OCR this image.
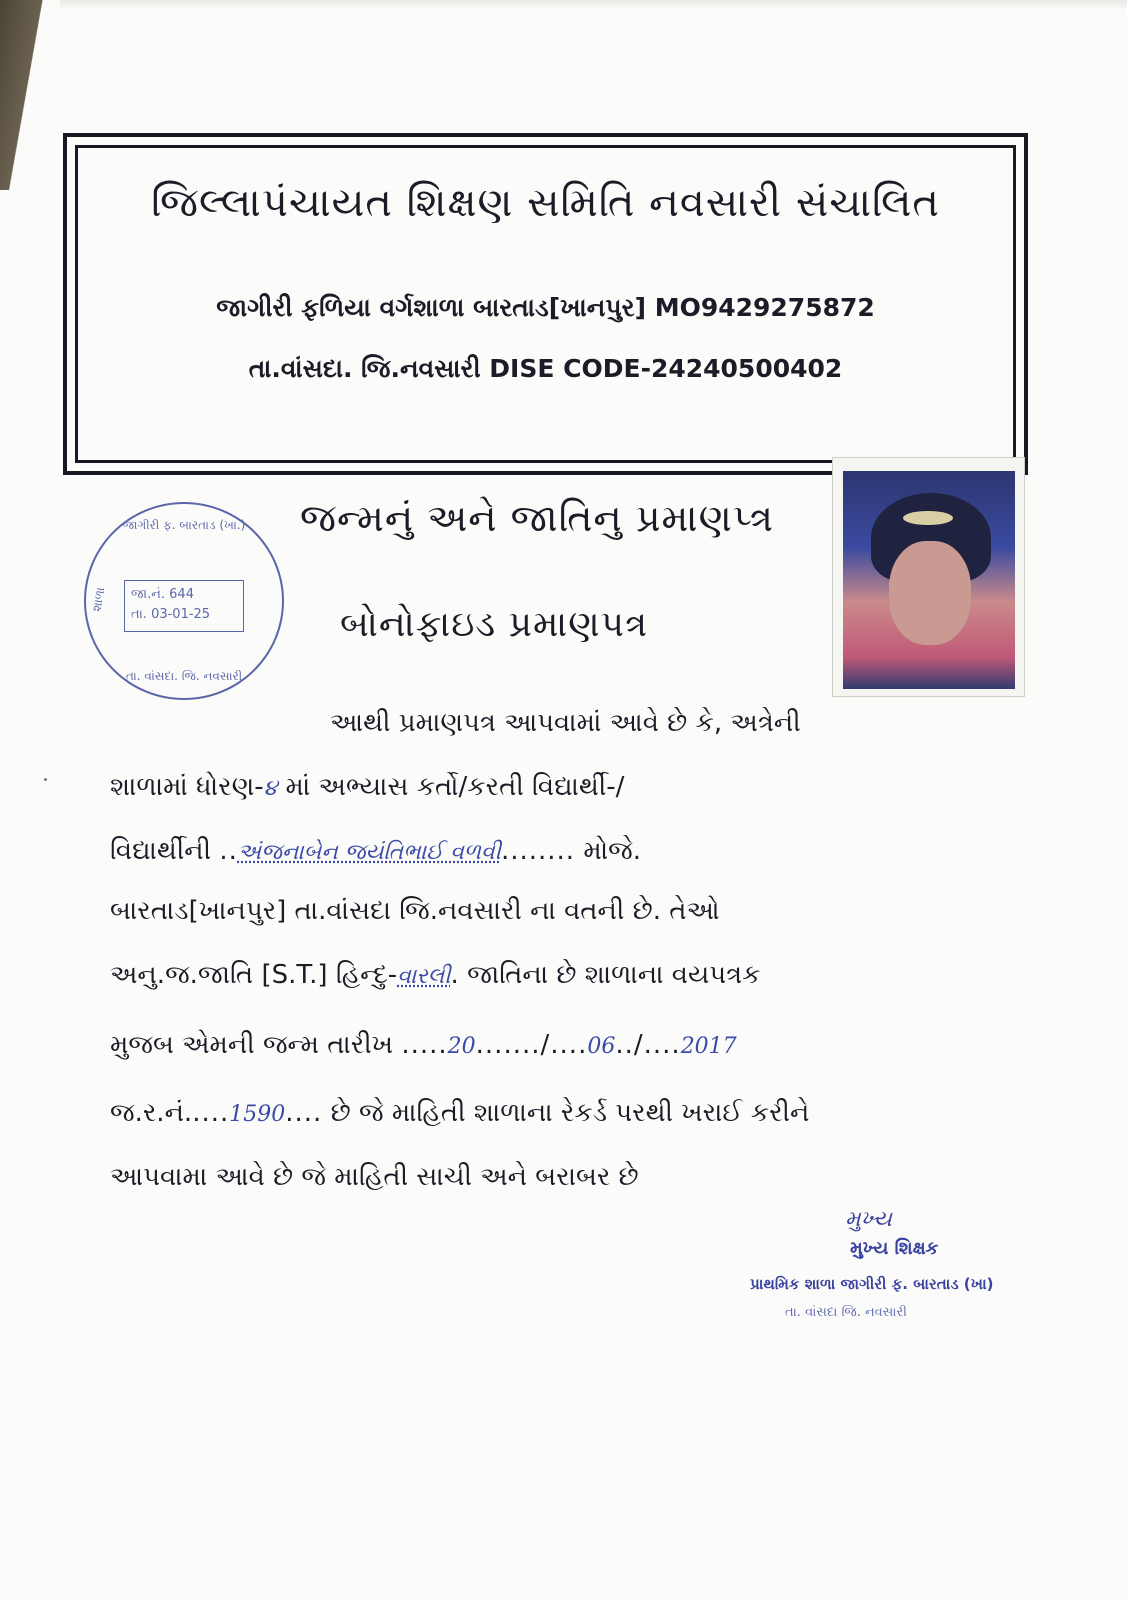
જિલ્લાપંચાયત શિક્ષણ સમિતિ નવસારી સંચાલિત
જાગીરી ફળિયા વર્ગશાળા બારતાડ[ખાનપુર] MO9429275872
તા.વાંસદા. જિ.નવસારી DISE CODE-24240500402
જાગીરી ફ. બારતાડ (ખા.)
શાળા જા.નં. 644
તા. 03-01-25
તા. વાંસદા. જિ. નવસારી
જન્મનું અને જાતિનુ પ્રમાણપ્ત્ર
બોનોફાઇડ પ્રમાણપત્ર
આથી પ્રમાણપત્ર આપવામાં આવે છે કે, અત્રેની
શાળામાં ધોરણ-૪ માં અભ્યાસ કર્તો/કરતી વિદ્યાર્થી-/
વિદ્યાર્થીની ..અંજનાબેન જયંતિભાઈ વળવી........ મોજે.
બારતાડ[ખાનપુર] તા.વાંસદા જિ.નવસારી ના વતની છે. તેઓ
અનુ.જ.જાતિ [S.T.] હિન્દુ-વારલી. જાતિના છે શાળાના વયપત્રક
મુજબ એમની જન્મ તારીખ .....20......./....06../....2017
જ.ર.નં.....1590.... છે જે માહિતી શાળાના રેકર્ડ પરથી ખરાઈ કરીને
આપવામા આવે છે જે માહિતી સાચી અને બરાબર છે
મુખ્ય
મુખ્ય શિક્ષક
પ્રાથમિક શાળા જાગીરી ફ. બારતાડ (ખા)
તા. વાંસદા જિ. નવસારી
